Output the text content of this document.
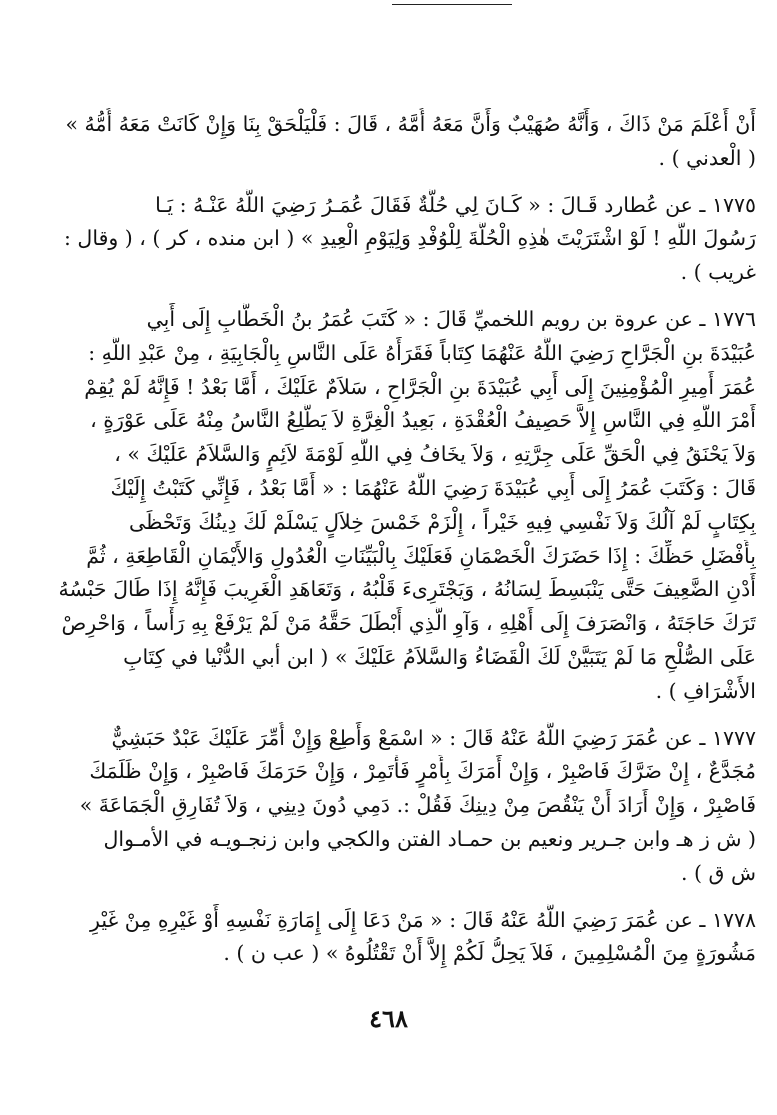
أَنْ أَعْلَمَ مَنْ ذَاكَ ، وَأَنَّهُ صُهَيْبٌ وَأَنَّ مَعَهُ أُمَّهُ ، قَالَ : فَلْيَلْحَقْ بِنَا وَإِنْ كَانَتْ مَعَهُ أُمُّهُ »
( الْعدني ) .

١٧٧٥ ـ عن عُطارد قَـالَ : « كَـانَ لِي حُلَّةٌ فَقَالَ عُمَـرُ رَضِيَ اللَّهُ عَنْـهُ : يَـا
رَسُولَ اللَّهِ ! لَوْ اشْتَرَيْتَ هٰذِهِ الْحُلَّةَ لِلْوُفْدِ وَلِيَوْمِ الْعِيدِ » ( ابن منده ، كر ) ، ( وقال :
غريب ) .

١٧٧٦ ـ عن عروة بن رويم اللخميِّ قَالَ : « كَتَبَ عُمَرُ بنُ الْخَطَّابِ إِلَى أَبِي
عُبَيْدَةَ بنِ الْجَرَّاحِ رَضِيَ اللَّهُ عَنْهُمَا كِتَاباً فَقَرَأَهُ عَلَى النَّاسِ بِالْجَابِيَةِ ، مِنْ عَبْدِ اللَّهِ :
عُمَرَ أَمِيرِ الْمُؤْمِنِينَ إِلَى أَبِي عُبَيْدَةَ بنِ الْجَرَّاحِ ، سَلاَمٌ عَلَيْكَ ، أَمَّا بَعْدُ ! فَإِنَّهُ لَمْ يُقِمْ
أَمْرَ اللَّهِ فِي النَّاسِ إِلاَّ حَصِيفُ الْعُقْدَةِ ، بَعِيدُ الْغِرَّةِ لاَ يَطَّلِعُ النَّاسُ مِنْهُ عَلَى عَوْرَةٍ ،
وَلاَ يَحْنَقُ فِي الْحَقِّ عَلَى جِرَّتِهِ ، وَلاَ يخَافُ فِي اللَّهِ لَوْمَةَ لاَئِمٍ وَالسَّلاَمُ عَلَيْكَ » ،
قَالَ : وَكَتَبَ عُمَرُ إِلَى أَبِي عُبَيْدَةَ رَضِيَ اللَّهُ عَنْهُمَا : « أَمَّا بَعْدُ ، فَإِنِّي كَتَبْتُ إِلَيْكَ
بِكِتَابٍ لَمْ آلُكَ وَلاَ نَفْسِي فِيهِ خَيْراً ، إِلْزَمْ خَمْسَ خِلاَلٍ يَسْلَمْ لَكَ دِينُكَ وَتَحْظَى
بِأَفْضَلِ حَظِّكَ : إِذَا حَضَرَكَ الْخَصْمَانِ فَعَلَيْكَ بِالْبَيِّنَاتِ الْعُدُولِ وَالأَيْمَانِ الْقَاطِعَةِ ، ثُمَّ
أَدْنِ الضَّعِيفَ حَتَّى يَنْبَسِطَ لِسَانُهُ ، وَيَجْتَرِىءَ قَلْبُهُ ، وَتَعَاهَدِ الْغَرِيبَ فَإِنَّهُ إِذَا طَالَ حَبْسُهُ
تَرَكَ حَاجَتَهُ ، وَانْصَرَفَ إِلَى أَهْلِهِ ، وَآوِ الَّذِي أَبْطَلَ حَقَّهُ مَنْ لَمْ يَرْفَعْ بِهِ رَأْساً ، وَاحْرِصْ
عَلَى الصُّلْحِ مَا لَمْ يَتَبَيَّنْ لَكَ الْقَضَاءُ وَالسَّلاَمُ عَلَيْكَ » ( ابن أبي الدُّنْيا في كِتَابِ
الأَشْرَافِ ) .

١٧٧٧ ـ عن عُمَرَ رَضِيَ اللَّهُ عَنْهُ قَالَ : « اسْمَعْ وَأَطِعْ وَإِنْ أُمِّرَ عَلَيْكَ عَبْدٌ حَبَشِيٌّ
مُجَدَّعٌ ، إِنْ ضَرَّكَ فَاصْبِرْ ، وَإِنْ أَمَرَكَ بِأَمْرٍ فَأْتَمِرْ ، وَإِنْ حَرَمَكَ فَاصْبِرْ ، وَإِنْ ظَلَمَكَ
فَاصْبِرْ ، وَإِنْ أَرَادَ أَنْ يَنْقُصَ مِنْ دِينِكَ فَقُلْ :. دَمِي دُونَ دِينِي ، وَلاَ تُفَارِقِ الْجَمَاعَةَ »
( ش ز هـ وابن جـرير ونعيم بن حمـاد الفتن والكجي وابن زنجـويـه في الأمـوال
ش ق ) .

١٧٧٨ ـ عن عُمَرَ رَضِيَ اللَّهُ عَنْهُ قَالَ : « مَنْ دَعَا إِلَى إِمَارَةِ نَفْسِهِ أَوْ غَيْرِهِ مِنْ غَيْرِ
مَشُورَةٍ مِنَ الْمُسْلِمِينَ ، فَلاَ يَحِلُّ لَكُمْ إِلاَّ أَنْ تَقْتُلُوهُ » ( عب ن ) .

٤٦٨
